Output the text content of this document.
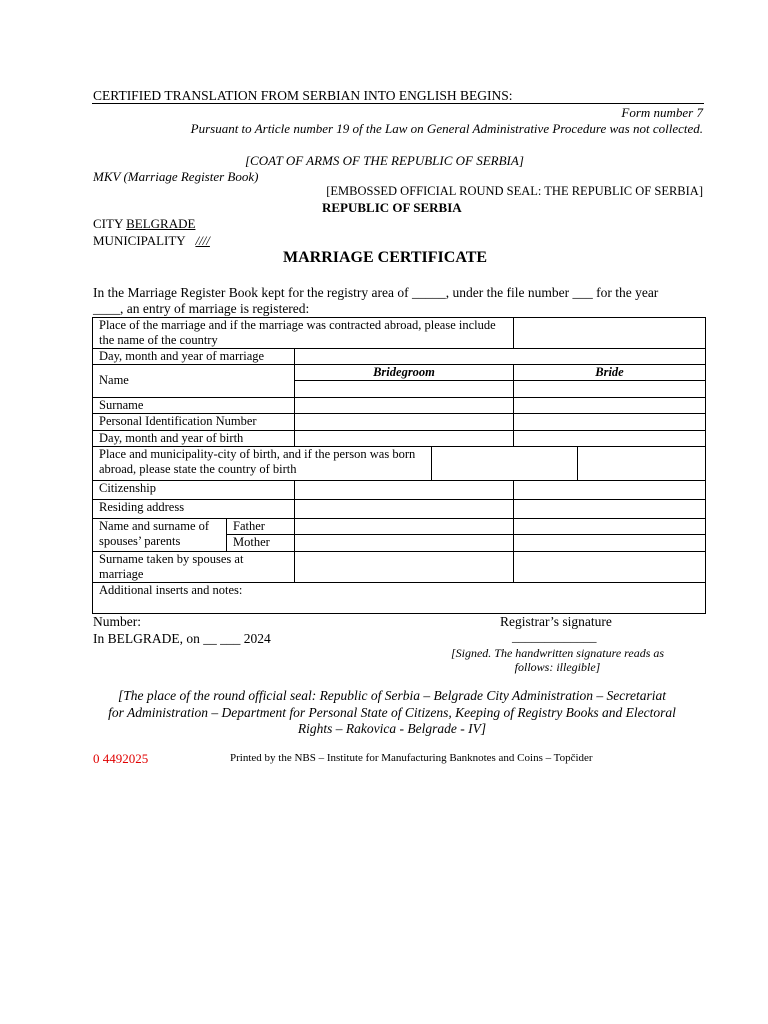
CERTIFIED TRANSLATION FROM SERBIAN INTO ENGLISH BEGINS:
Form number 7
Pursuant to Article number 19 of the Law on General Administrative Procedure was not collected.
[COAT OF ARMS OF THE REPUBLIC OF SERBIA]
MKV (Marriage Register Book)
[EMBOSSED OFFICIAL ROUND SEAL: THE REPUBLIC OF SERBIA]
REPUBLIC OF SERBIA
CITY BELGRADE
MUNICIPALITY ////
MARRIAGE CERTIFICATE
In the Marriage Register Book kept for the registry area of _____, under the file number ___ for the year
____, an entry of marriage is registered:
Place of the marriage and if the marriage was contracted abroad, please include the name of the country
Day, month and year of marriage
Bridegroom	Bride
Name
Surname
Personal Identification Number
Day, month and year of birth
Place and municipality-city of birth, and if the person was born abroad, please state the country of birth
Citizenship
Residing address
Name and surname of spouses’ parents
Father
Mother
Surname taken by spouses at marriage
Additional inserts and notes:
Number:	Registrar’s signature
In BELGRADE, on __ ___ 2024	_____________
[Signed. The handwritten signature reads as
follows: illegible]
[The place of the round official seal: Republic of Serbia – Belgrade City Administration – Secretariat
for Administration – Department for Personal State of Citizens, Keeping of Registry Books and Electoral
Rights – Rakovica - Belgrade - IV]
0 4492025	Printed by the NBS – Institute for Manufacturing Banknotes and Coins – Topčider
